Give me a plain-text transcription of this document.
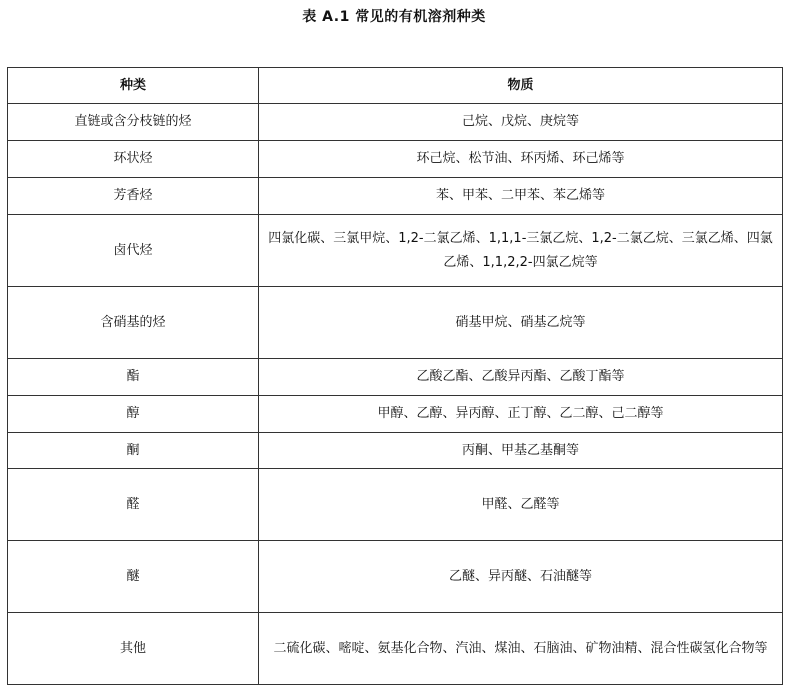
表 A.1 常见的有机溶剂种类
种类	物质
直链或含分枝链的烃	己烷、戊烷、庚烷等
环状烃	环己烷、松节油、环丙烯、环己烯等
芳香烃	苯、甲苯、二甲苯、苯乙烯等
卤代烃	四氯化碳、三氯甲烷、1,2-二氯乙烯、1,1,1-三氯乙烷、1,2-二氯乙烷、三氯乙烯、四氯乙烯、1,1,2,2-四氯乙烷等
含硝基的烃	硝基甲烷、硝基乙烷等
酯	乙酸乙酯、乙酸异丙酯、乙酸丁酯等
醇	甲醇、乙醇、异丙醇、正丁醇、乙二醇、己二醇等
酮	丙酮、甲基乙基酮等
醛	甲醛、乙醛等
醚	乙醚、异丙醚、石油醚等
其他	二硫化碳、嘧啶、氨基化合物、汽油、煤油、石脑油、矿物油精、混合性碳氢化合物等
